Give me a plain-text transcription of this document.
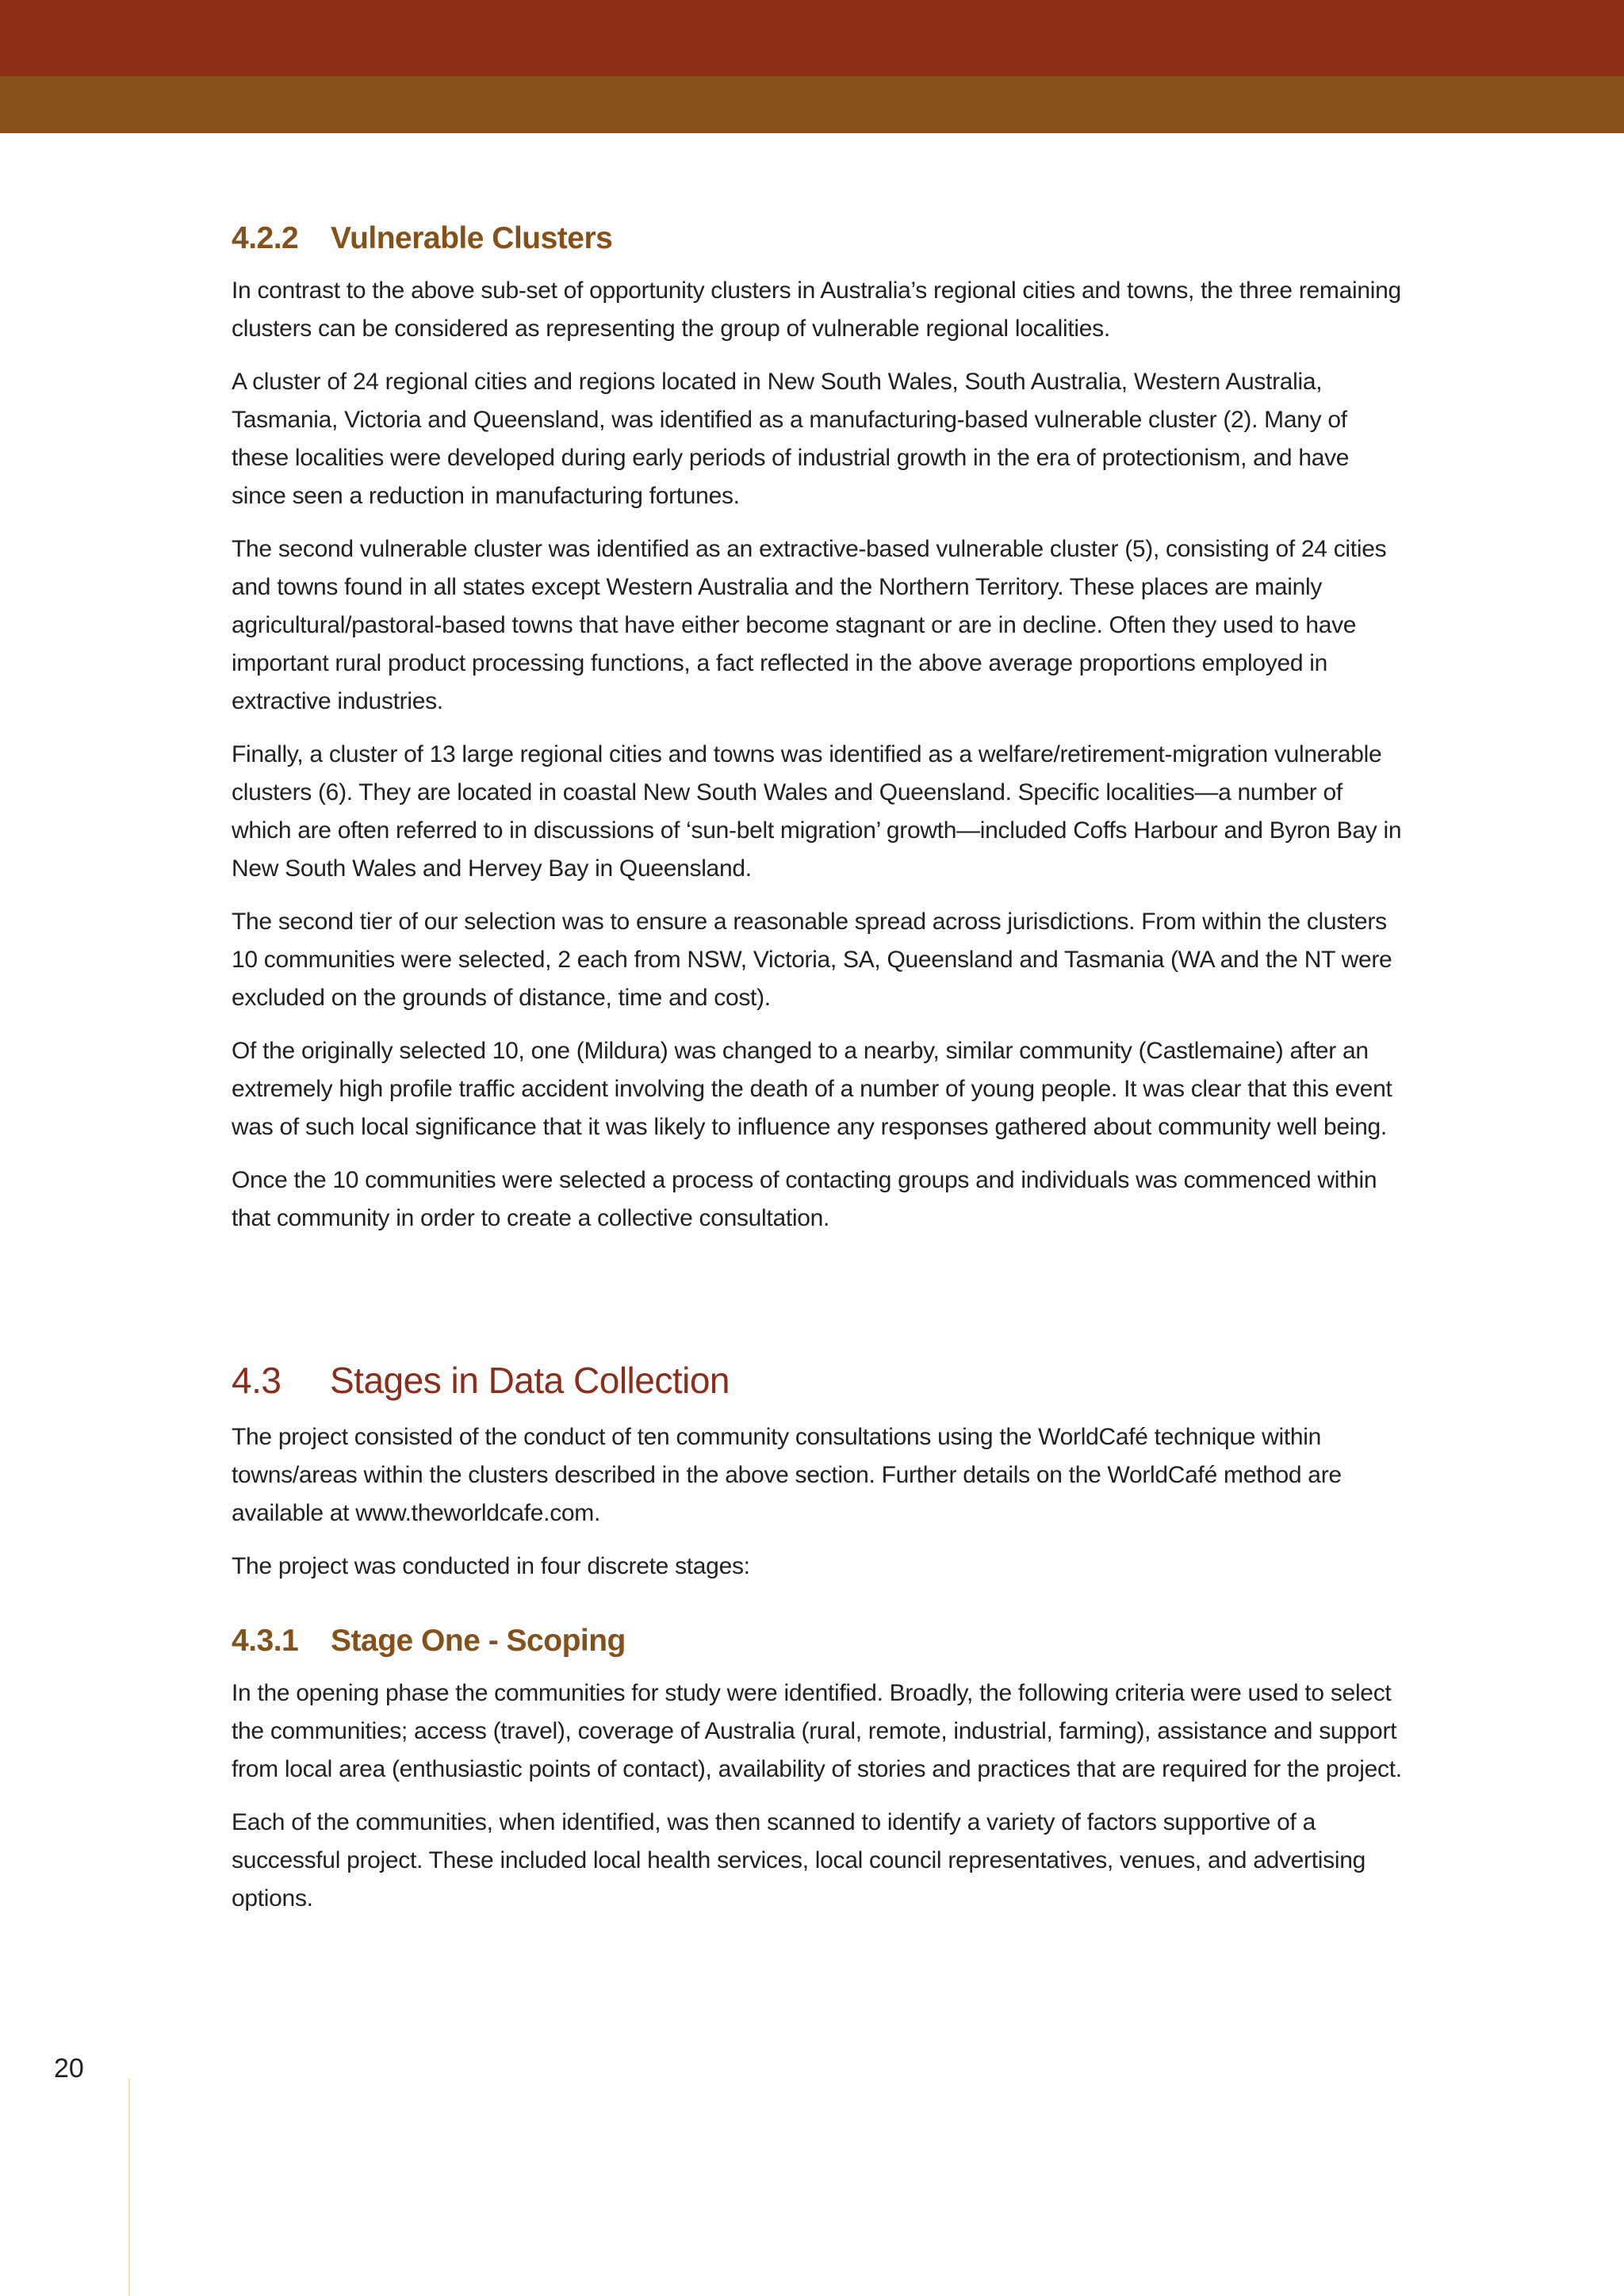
4.2.2 Vulnerable Clusters

In contrast to the above sub-set of opportunity clusters in Australia’s regional cities and towns, the three remaining clusters can be considered as representing the group of vulnerable regional localities.

A cluster of 24 regional cities and regions located in New South Wales, South Australia, Western Australia, Tasmania, Victoria and Queensland, was identified as a manufacturing-based vulnerable cluster (2). Many of these localities were developed during early periods of industrial growth in the era of protectionism, and have since seen a reduction in manufacturing fortunes.

The second vulnerable cluster was identified as an extractive-based vulnerable cluster (5), consisting of 24 cities and towns found in all states except Western Australia and the Northern Territory. These places are mainly agricultural/pastoral-based towns that have either become stagnant or are in decline. Often they used to have important rural product processing functions, a fact reflected in the above average proportions employed in extractive industries.

Finally, a cluster of 13 large regional cities and towns was identified as a welfare/retirement-migration vulnerable clusters (6). They are located in coastal New South Wales and Queensland. Specific localities—a number of which are often referred to in discussions of ‘sun-belt migration’ growth—included Coffs Harbour and Byron Bay in New South Wales and Hervey Bay in Queensland.

The second tier of our selection was to ensure a reasonable spread across jurisdictions. From within the clusters 10 communities were selected, 2 each from NSW, Victoria, SA, Queensland and Tasmania (WA and the NT were excluded on the grounds of distance, time and cost).

Of the originally selected 10, one (Mildura) was changed to a nearby, similar community (Castlemaine) after an extremely high profile traffic accident involving the death of a number of young people. It was clear that this event was of such local significance that it was likely to influence any responses gathered about community well being.

Once the 10 communities were selected a process of contacting groups and individuals was commenced within that community in order to create a collective consultation.

4.3 Stages in Data Collection

The project consisted of the conduct of ten community consultations using the WorldCafé technique within towns/areas within the clusters described in the above section. Further details on the WorldCafé method are available at www.theworldcafe.com.

The project was conducted in four discrete stages:

4.3.1 Stage One - Scoping

In the opening phase the communities for study were identified. Broadly, the following criteria were used to select the communities; access (travel), coverage of Australia (rural, remote, industrial, farming), assistance and support from local area (enthusiastic points of contact), availability of stories and practices that are required for the project.

Each of the communities, when identified, was then scanned to identify a variety of factors supportive of a successful project. These included local health services, local council representatives, venues, and advertising options.

20
